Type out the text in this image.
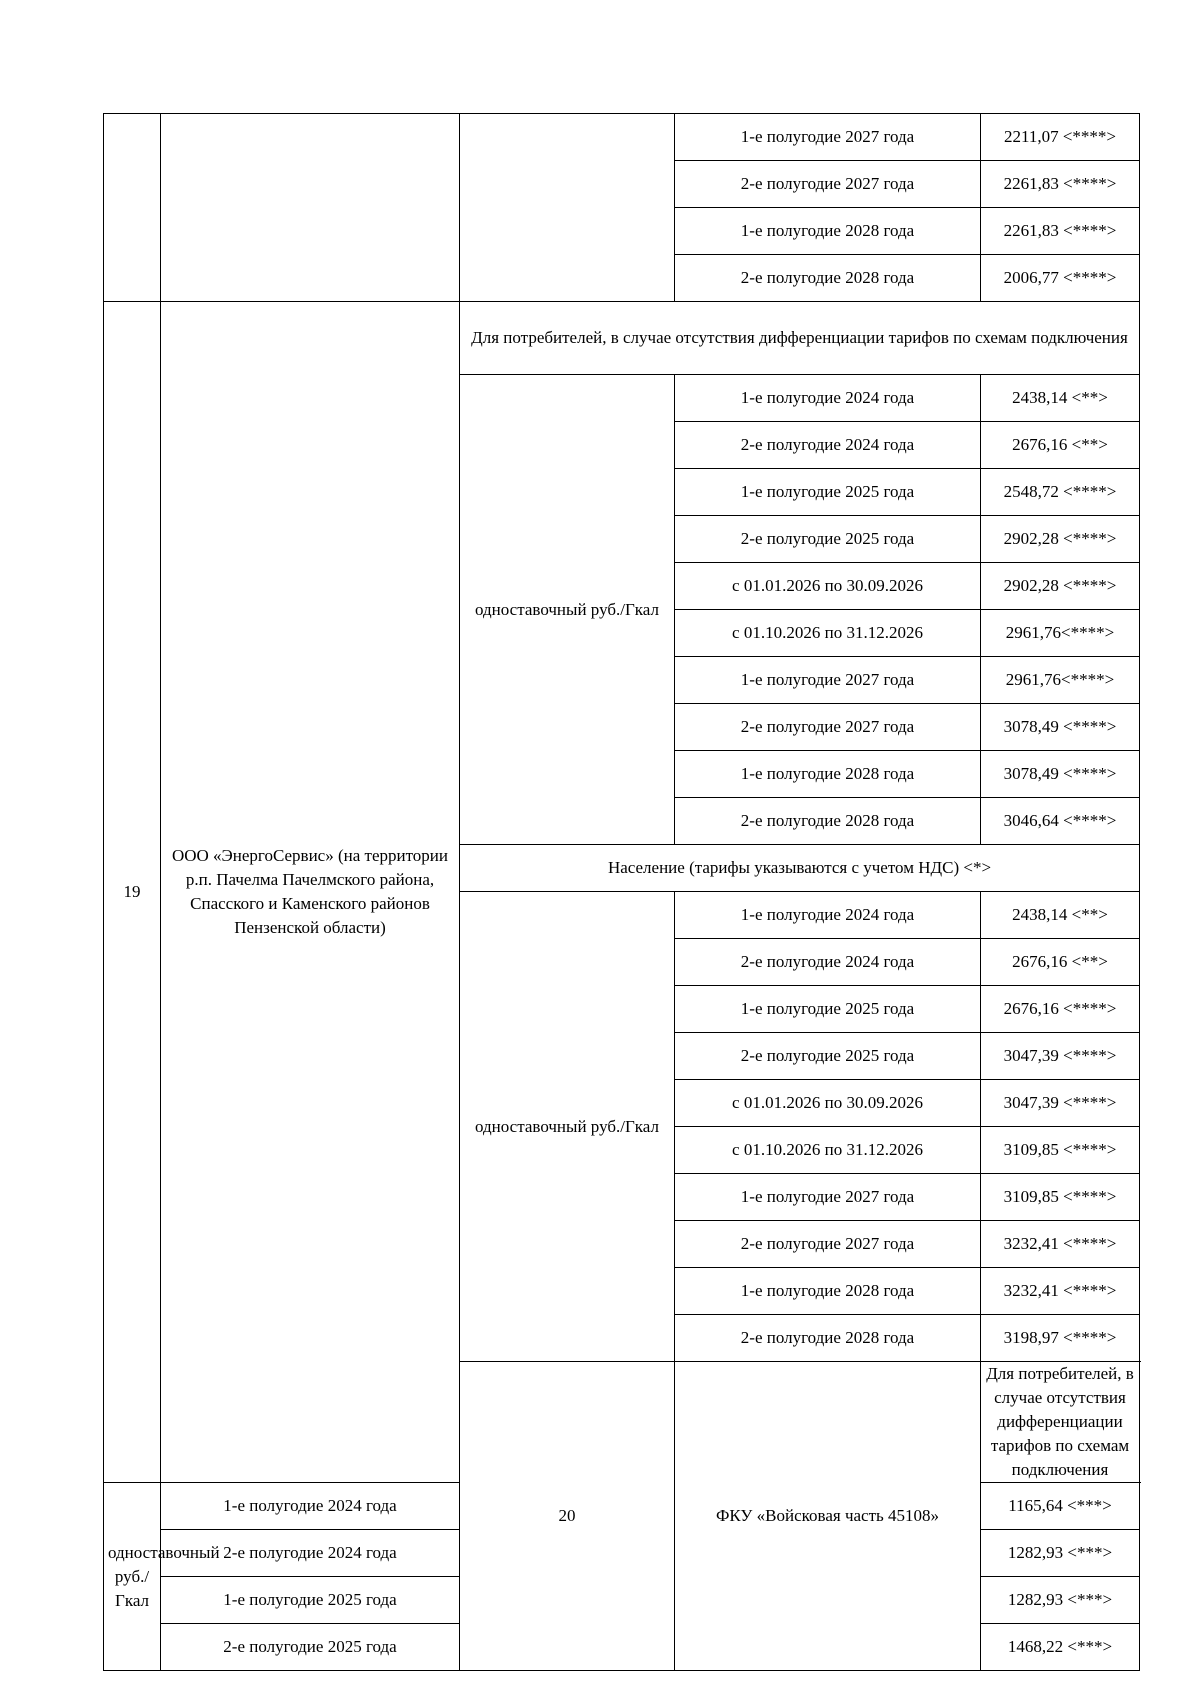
			1-е полугодие 2027 года	2211,07 <****>
			2-е полугодие 2027 года	2261,83 <****>
			1-е полугодие 2028 года	2261,83 <****>
			2-е полугодие 2028 года	2006,77 <****>
19	ООО «ЭнергоСервис» (на территории р.п. Пачелма Пачелмского района, Спасского и Каменского районов Пензенской области)	Для потребителей, в случае отсутствия дифференциации тарифов по схемам подключения		
		одноставочный руб./Гкал	1-е полугодие 2024 года	2438,14 <**>
			2-е полугодие 2024 года	2676,16 <**>
			1-е полугодие 2025 года	2548,72 <****>
			2-е полугодие 2025 года	2902,28 <****>
			с 01.01.2026 по 30.09.2026	2902,28 <****>
			с 01.10.2026 по 31.12.2026	2961,76<****>
			1-е полугодие 2027 года	2961,76<****>
			2-е полугодие 2027 года	3078,49 <****>
			1-е полугодие 2028 года	3078,49 <****>
			2-е полугодие 2028 года	3046,64 <****>
		Население (тарифы указываются с учетом НДС) <*>		
		одноставочный руб./Гкал	1-е полугодие 2024 года	2438,14 <**>
			2-е полугодие 2024 года	2676,16 <**>
			1-е полугодие 2025 года	2676,16 <****>
			2-е полугодие 2025 года	3047,39 <****>
			с 01.01.2026 по 30.09.2026	3047,39 <****>
			с 01.10.2026 по 31.12.2026	3109,85 <****>
			1-е полугодие 2027 года	3109,85 <****>
			2-е полугодие 2027 года	3232,41 <****>
			1-е полугодие 2028 года	3232,41 <****>
			2-е полугодие 2028 года	3198,97 <****>
		20	ФКУ «Войсковая часть 45108»	Для потребителей, в случае отсутствия дифференциации тарифов по схемам подключения
одноставочный руб./Гкал	1-е полугодие 2024 года			1165,64 <***>
	2-е полугодие 2024 года			1282,93 <***>
	1-е полугодие 2025 года			1282,93 <***>
	2-е полугодие 2025 года			1468,22 <***>
